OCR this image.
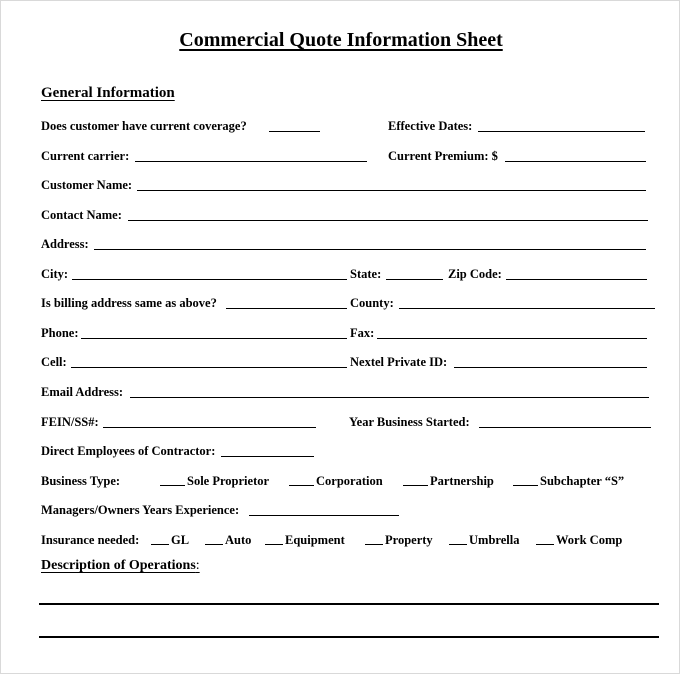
Commercial Quote Information Sheet
General Information
Does customer have current coverage?	Effective Dates:
Current carrier:	Current Premium: $
Customer Name:
Contact Name:
Address:
City:	State:	Zip Code:
Is billing address same as above?	County:
Phone:	Fax:
Cell:	Nextel Private ID:
Email Address:
FEIN/SS#:	Year Business Started:
Direct Employees of Contractor:
Business Type:	Sole Proprietor	Corporation	Partnership	Subchapter “S”
Managers/Owners Years Experience:
Insurance needed:	GL	Auto	Equipment	Property	Umbrella	Work Comp
Description of Operations:
